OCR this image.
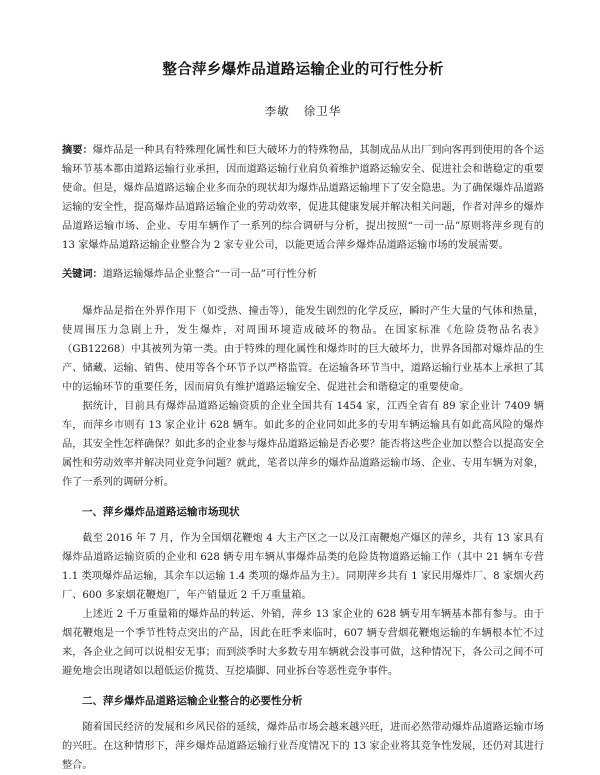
整合萍乡爆炸品道路运输企业的可行性分析
李敏 徐卫华

摘要：爆炸品是一种具有特殊理化属性和巨大破坏力的特殊物品，其制成品从出厂到向客再到使用的各个运输环节基本都由道路运输行业承担，因而道路运输行业肩负着维护道路运输安全、促进社会和谐稳定的重要使命。但是，爆炸品道路运输企业多而杂的现状却为爆炸品道路运输埋下了安全隐患。为了确保爆炸品道路运输的安全性，提高爆炸品道路运输企业的劳动效率，促进其健康发展并解决相关问题，作者对萍乡的爆炸品道路运输市场、企业、专用车辆作了一系列的综合调研与分析，提出按照“一司一品”原则将萍乡现有的 13 家爆炸品道路运输企业整合为 2 家专业公司，以能更适合萍乡爆炸品道路运输市场的发展需要。

关键词：道路运输爆炸品企业整合“一司一品”可行性分析

爆炸品是指在外界作用下（如受热、撞击等），能发生剧烈的化学反应，瞬时产生大量的气体和热量，使周围压力急剧上升，发生爆炸，对周围环境造成破坏的物品。在国家标准《危险货物品名表》（GB12268）中其被列为第一类。由于特殊的理化属性和爆炸时的巨大破坏力，世界各国都对爆炸品的生产、储藏、运输、销售、使用等各个环节予以严格监管。在运输各环节当中，道路运输行业基本上承担了其中的运输环节的重要任务，因而肩负有维护道路运输安全、促进社会和谐稳定的重要使命。

据统计，目前具有爆炸品道路运输资质的企业全国共有 1454 家，江西全省有 89 家企业计 7409 辆车，而萍乡市则有 13 家企业计 628 辆车。如此多的企业同如此多的专用车辆运输具有如此高风险的爆炸品，其安全性怎样确保？如此多的企业参与爆炸品道路运输是否必要？能否将这些企业加以整合以提高安全属性和劳动效率并解决同业竞争问题？就此，笔者以萍乡的爆炸品道路运输市场、企业、专用车辆为对象，作了一系列的调研分析。

一、萍乡爆炸品道路运输市场现状

截至 2016 年 7 月，作为全国烟花鞭炮 4 大主产区之一以及江南鞭炮产爆区的萍乡，共有 13 家具有爆炸品道路运输资质的企业和 628 辆专用车辆从事爆炸品类的危险货物道路运输工作（其中 21 辆车专营 1.1 类项爆炸品运输，其余车以运输 1.4 类项的爆炸品为主）。同期萍乡共有 1 家民用爆炸厂、8 家烟火药厂、600 多家烟花鞭炮厂，年产销量近 2 千万重量箱。

上述近 2 千万重量箱的爆炸品的转运、外销，萍乡 13 家企业的 628 辆专用车辆基本都有参与。由于烟花鞭炮是一个季节性特点突出的产品，因此在旺季来临时，607 辆专营烟花鞭炮运输的车辆根本忙不过来，各企业之间可以说相安无事；而到淡季时大多数专用车辆就会没事可做，这种情况下，各公司之间不可避免地会出现诸如以超低运价揽货、互挖墙脚、同业拆台等恶性竞争事件。

二、萍乡爆炸品道路运输企业整合的必要性分析

随着国民经济的发展和乡风民俗的延续，爆炸品市场会越来越兴旺，进而必然带动爆炸品道路运输市场的兴旺。在这种情形下，萍乡爆炸品道路运输行业吾度情况下的 13 家企业将其竞争性发展，还仍对其进行整合。
